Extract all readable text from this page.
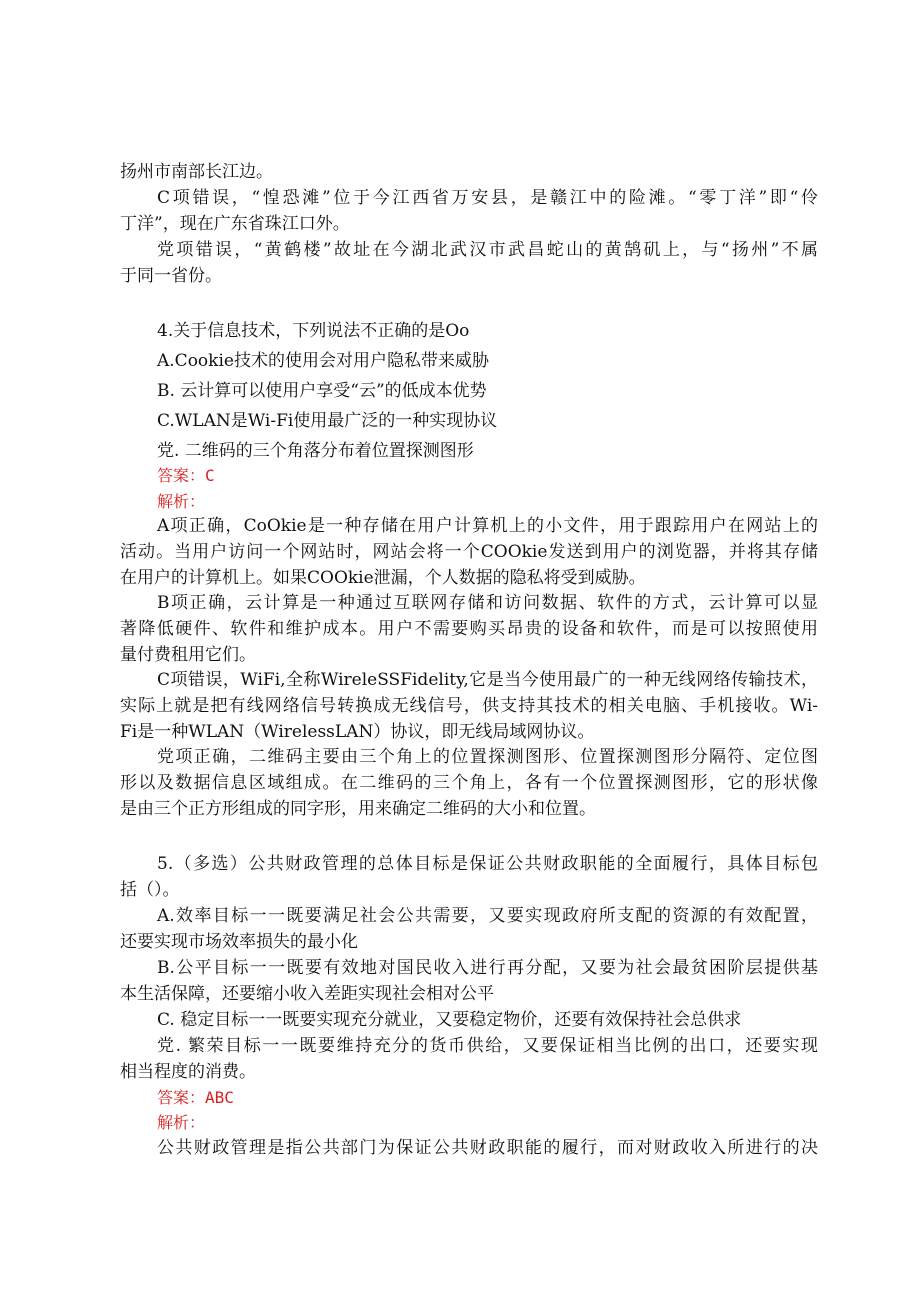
扬州市南部长江边。
C项错误，“惶恐滩”位于今江西省万安县，是赣江中的险滩。“零丁洋”即“伶
丁洋”，现在广东省珠江口外。
党项错误，“黄鹤楼”故址在今湖北武汉市武昌蛇山的黄鹄矶上，与“扬州”不属
于同一省份。
4.关于信息技术，下列说法不正确的是Oo
A.Cookie技术的使用会对用户隐私带来威胁
B. 云计算可以使用户享受“云”的低成本优势
C.WLAN是Wi-Fi使用最广泛的一种实现协议
党. 二维码的三个角落分布着位置探测图形
答案：C
解析：
A项正确，CoOkie是一种存储在用户计算机上的小文件，用于跟踪用户在网站上的
活动。当用户访问一个网站时，网站会将一个COOkie发送到用户的浏览器，并将其存储
在用户的计算机上。如果COOkie泄漏，个人数据的隐私将受到威胁。
B项正确，云计算是一种通过互联网存储和访问数据、软件的方式，云计算可以显
著降低硬件、软件和维护成本。用户不需要购买昂贵的设备和软件，而是可以按照使用
量付费租用它们。
C项错误，WiFi,全称WireleSSFidelity,它是当今使用最广的一种无线网络传输技术，
实际上就是把有线网络信号转换成无线信号，供支持其技术的相关电脑、手机接收。Wi-
Fi是一种WLAN（WirelessLAN）协议，即无线局域网协议。
党项正确，二维码主要由三个角上的位置探测图形、位置探测图形分隔符、定位图
形以及数据信息区域组成。在二维码的三个角上，各有一个位置探测图形，它的形状像
是由三个正方形组成的同字形，用来确定二维码的大小和位置。
5.（多选）公共财政管理的总体目标是保证公共财政职能的全面履行，具体目标包
括（）。
A.效率目标一一既要满足社会公共需要，又要实现政府所支配的资源的有效配置，
还要实现市场效率损失的最小化
B.公平目标一一既要有效地对国民收入进行再分配，又要为社会最贫困阶层提供基
本生活保障，还要缩小收入差距实现社会相对公平
C. 稳定目标一一既要实现充分就业，又要稳定物价，还要有效保持社会总供求
党. 繁荣目标一一既要维持充分的货币供给，又要保证相当比例的出口，还要实现
相当程度的消费。
答案：ABC
解析：
公共财政管理是指公共部门为保证公共财政职能的履行，而对财政收入所进行的决
